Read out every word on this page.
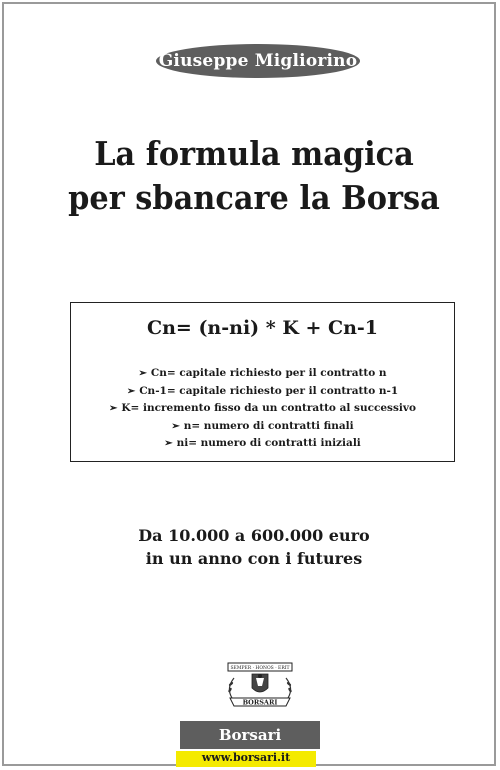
Giuseppe Migliorino
La formula magica
per sbancare la Borsa
Cn= (n-ni) * K + Cn-1
➢ Cn= capitale richiesto per il contratto n
➢ Cn-1= capitale richiesto per il contratto n-1
➢ K= incremento fisso da un contratto al successivo
➢ n= numero di contratti finali
➢ ni= numero di contratti iniziali
Da 10.000 a 600.000 euro
in un anno con i futures
SEMPER · HONOS · ERIT
BORSARI
Borsari
www.borsari.it
